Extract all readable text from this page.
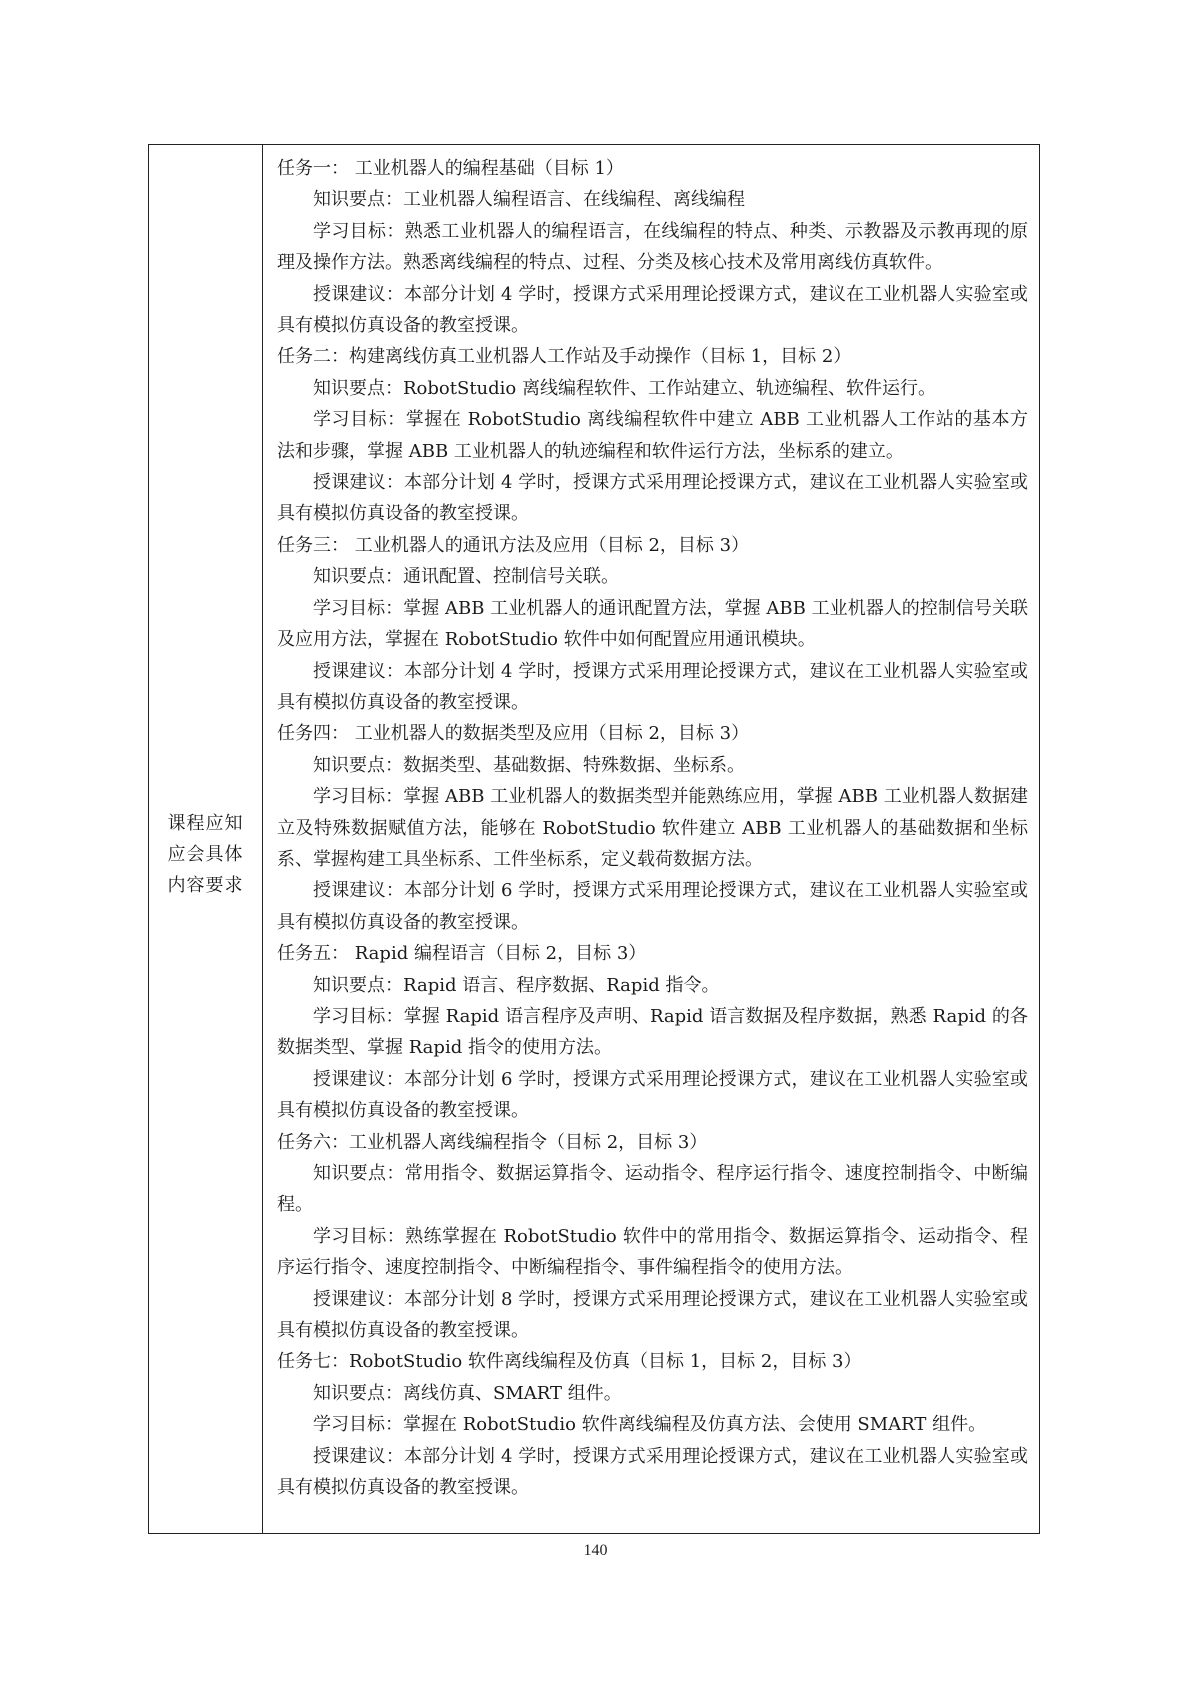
课程应知应会具体内容要求
任务一： 工业机器人的编程基础（目标 1）
知识要点：工业机器人编程语言、在线编程、离线编程
学习目标：熟悉工业机器人的编程语言，在线编程的特点、种类、示教器及示教再现的原理及操作方法。熟悉离线编程的特点、过程、分类及核心技术及常用离线仿真软件。
授课建议：本部分计划 4 学时，授课方式采用理论授课方式，建议在工业机器人实验室或具有模拟仿真设备的教室授课。
任务二：构建离线仿真工业机器人工作站及手动操作（目标 1，目标 2）
知识要点：RobotStudio 离线编程软件、工作站建立、轨迹编程、软件运行。
学习目标：掌握在 RobotStudio 离线编程软件中建立 ABB 工业机器人工作站的基本方法和步骤，掌握 ABB 工业机器人的轨迹编程和软件运行方法，坐标系的建立。
授课建议：本部分计划 4 学时，授课方式采用理论授课方式，建议在工业机器人实验室或具有模拟仿真设备的教室授课。
任务三： 工业机器人的通讯方法及应用（目标 2，目标 3）
知识要点：通讯配置、控制信号关联。
学习目标：掌握 ABB 工业机器人的通讯配置方法，掌握 ABB 工业机器人的控制信号关联及应用方法，掌握在 RobotStudio 软件中如何配置应用通讯模块。
授课建议：本部分计划 4 学时，授课方式采用理论授课方式，建议在工业机器人实验室或具有模拟仿真设备的教室授课。
任务四： 工业机器人的数据类型及应用（目标 2，目标 3）
知识要点：数据类型、基础数据、特殊数据、坐标系。
学习目标：掌握 ABB 工业机器人的数据类型并能熟练应用，掌握 ABB 工业机器人数据建立及特殊数据赋值方法，能够在 RobotStudio 软件建立 ABB 工业机器人的基础数据和坐标系、掌握构建工具坐标系、工件坐标系，定义载荷数据方法。
授课建议：本部分计划 6 学时，授课方式采用理论授课方式，建议在工业机器人实验室或具有模拟仿真设备的教室授课。
任务五： Rapid 编程语言（目标 2，目标 3）
知识要点：Rapid 语言、程序数据、Rapid 指令。
学习目标：掌握 Rapid 语言程序及声明、Rapid 语言数据及程序数据，熟悉 Rapid 的各数据类型、掌握 Rapid 指令的使用方法。
授课建议：本部分计划 6 学时，授课方式采用理论授课方式，建议在工业机器人实验室或具有模拟仿真设备的教室授课。
任务六：工业机器人离线编程指令（目标 2，目标 3）
知识要点：常用指令、数据运算指令、运动指令、程序运行指令、速度控制指令、中断编程。
学习目标：熟练掌握在 RobotStudio 软件中的常用指令、数据运算指令、运动指令、程序运行指令、速度控制指令、中断编程指令、事件编程指令的使用方法。
授课建议：本部分计划 8 学时，授课方式采用理论授课方式，建议在工业机器人实验室或具有模拟仿真设备的教室授课。
任务七：RobotStudio 软件离线编程及仿真（目标 1，目标 2，目标 3）
知识要点：离线仿真、SMART 组件。
学习目标：掌握在 RobotStudio 软件离线编程及仿真方法、会使用 SMART 组件。
授课建议：本部分计划 4 学时，授课方式采用理论授课方式，建议在工业机器人实验室或具有模拟仿真设备的教室授课。
140
